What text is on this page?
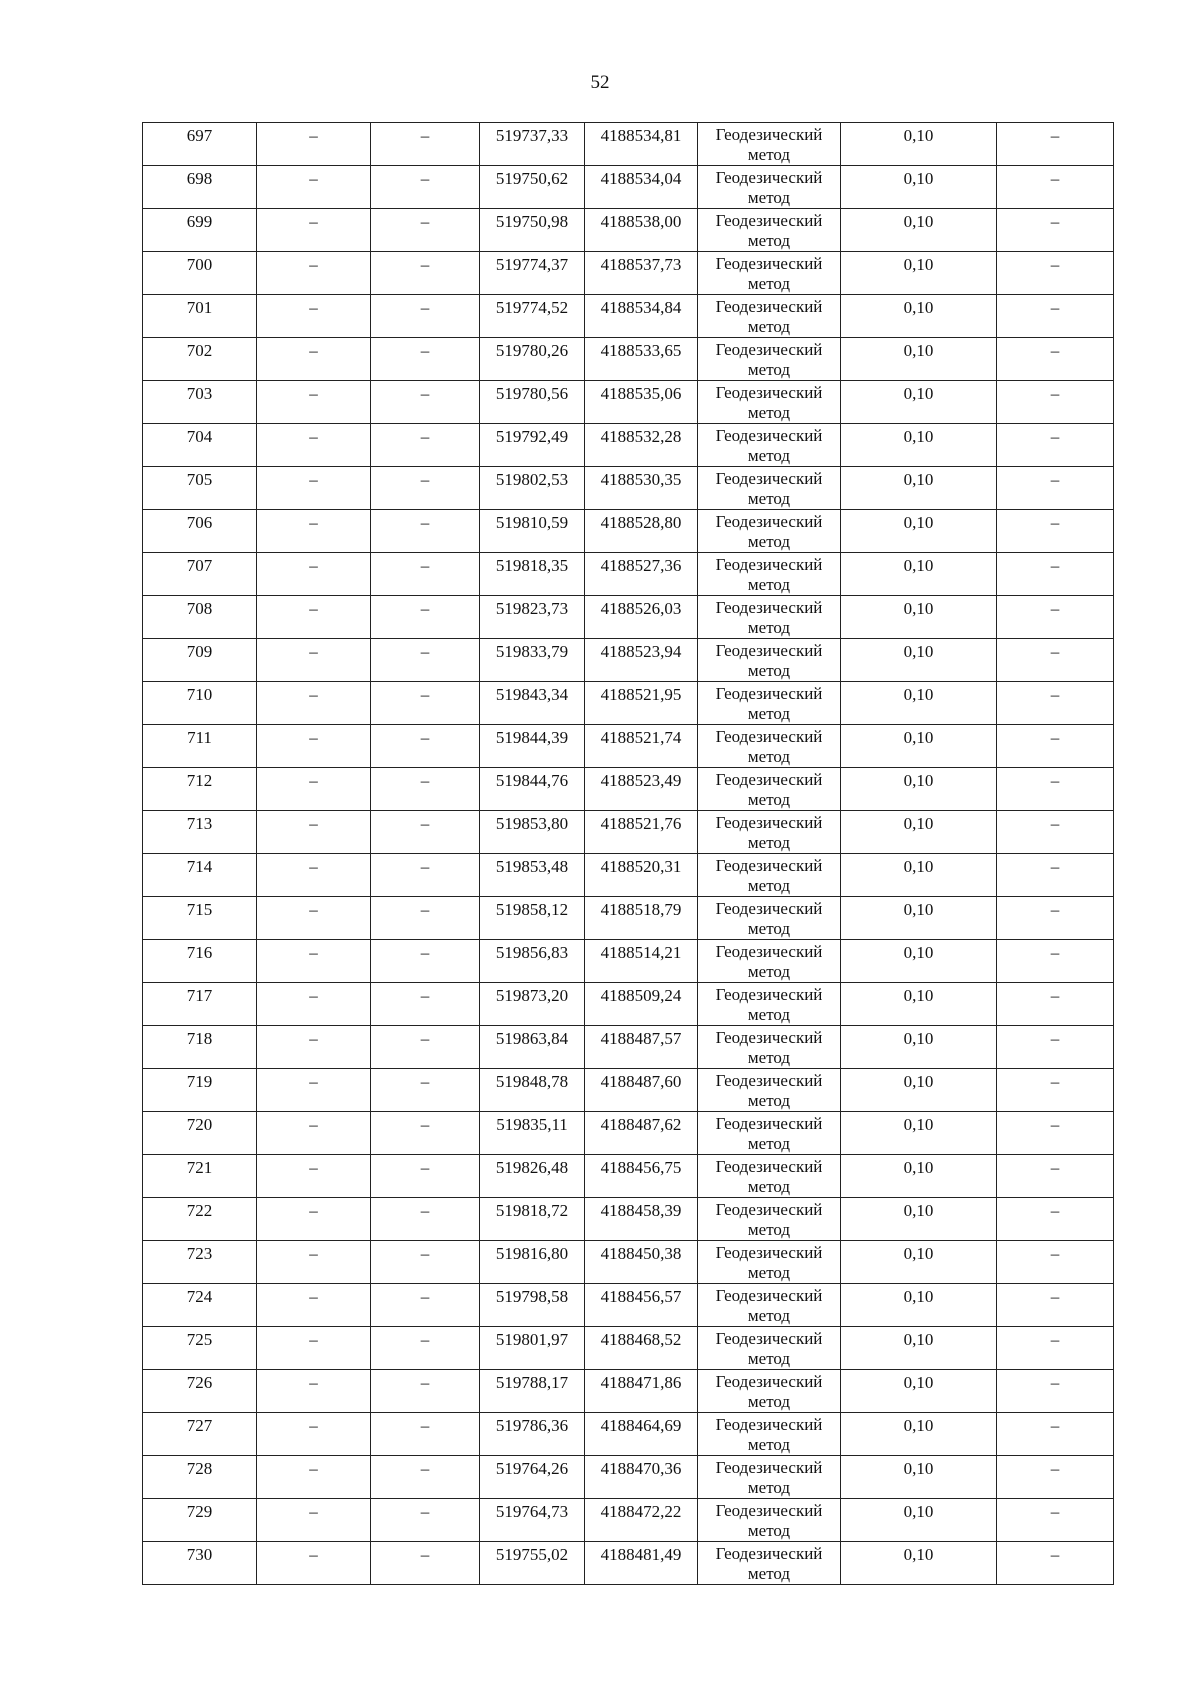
52
697	–	–	519737,33	4188534,81	Геодезический
метод	0,10	–

698	–	–	519750,62	4188534,04	Геодезический
метод	0,10	–

699	–	–	519750,98	4188538,00	Геодезический
метод	0,10	–

700	–	–	519774,37	4188537,73	Геодезический
метод	0,10	–

701	–	–	519774,52	4188534,84	Геодезический
метод	0,10	–

702	–	–	519780,26	4188533,65	Геодезический
метод	0,10	–

703	–	–	519780,56	4188535,06	Геодезический
метод	0,10	–

704	–	–	519792,49	4188532,28	Геодезический
метод	0,10	–

705	–	–	519802,53	4188530,35	Геодезический
метод	0,10	–

706	–	–	519810,59	4188528,80	Геодезический
метод	0,10	–

707	–	–	519818,35	4188527,36	Геодезический
метод	0,10	–

708	–	–	519823,73	4188526,03	Геодезический
метод	0,10	–

709	–	–	519833,79	4188523,94	Геодезический
метод	0,10	–

710	–	–	519843,34	4188521,95	Геодезический
метод	0,10	–

711	–	–	519844,39	4188521,74	Геодезический
метод	0,10	–

712	–	–	519844,76	4188523,49	Геодезический
метод	0,10	–

713	–	–	519853,80	4188521,76	Геодезический
метод	0,10	–

714	–	–	519853,48	4188520,31	Геодезический
метод	0,10	–

715	–	–	519858,12	4188518,79	Геодезический
метод	0,10	–

716	–	–	519856,83	4188514,21	Геодезический
метод	0,10	–

717	–	–	519873,20	4188509,24	Геодезический
метод	0,10	–

718	–	–	519863,84	4188487,57	Геодезический
метод	0,10	–

719	–	–	519848,78	4188487,60	Геодезический
метод	0,10	–

720	–	–	519835,11	4188487,62	Геодезический
метод	0,10	–

721	–	–	519826,48	4188456,75	Геодезический
метод	0,10	–

722	–	–	519818,72	4188458,39	Геодезический
метод	0,10	–

723	–	–	519816,80	4188450,38	Геодезический
метод	0,10	–

724	–	–	519798,58	4188456,57	Геодезический
метод	0,10	–

725	–	–	519801,97	4188468,52	Геодезический
метод	0,10	–

726	–	–	519788,17	4188471,86	Геодезический
метод	0,10	–

727	–	–	519786,36	4188464,69	Геодезический
метод	0,10	–

728	–	–	519764,26	4188470,36	Геодезический
метод	0,10	–

729	–	–	519764,73	4188472,22	Геодезический
метод	0,10	–

730	–	–	519755,02	4188481,49	Геодезический
метод	0,10	–
